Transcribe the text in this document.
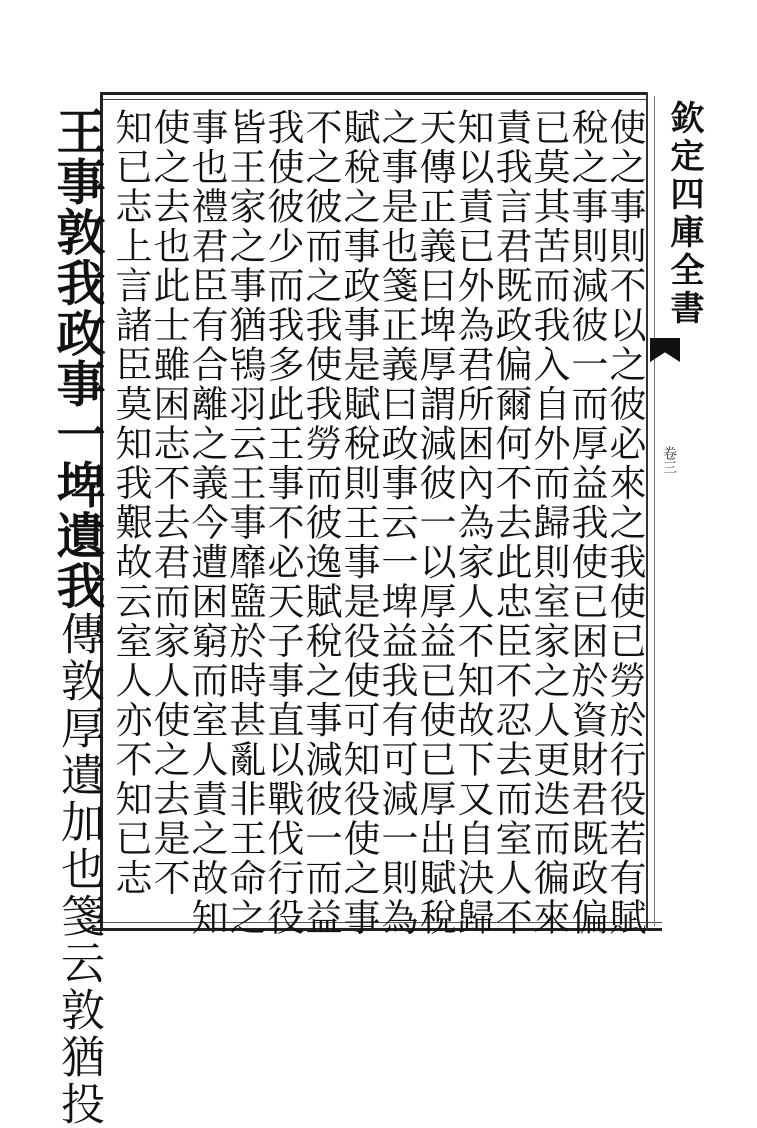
欽定四庫全書
卷三
使之事則不以之彼必來之我使已勞於行役若有賦
稅之事則減彼一而厚益我使已困於資財君既政偏
已莫其苦而我入自外而歸則室家之人更迭而徧來
責我言君既政偏爾何不去此忠臣不忍去而室人不
知以責已外為君所困內為家人不知故下又自決歸
天傳正義曰埤厚謂減彼一以厚益已使已厚出賦稅
之事是也箋正義曰政事云一埤益我有可減一則為
賦稅之事政事是賦稅則王事是役使可知役使之事
不之彼而之我使我勞而彼逸賦稅之事減彼一而益
我使彼少而我多此王事不必天子事直以戰伐行役
皆王家之事猶鴇羽云王事靡盬於時甚亂非王命之
事也禮君臣有合離之義今遭困窮而室人責之故知
使之去也此士雖困志不去君而家人使之去是不
知已志上言諸臣莫知我艱故云室人亦不知已志
王事敦我政事一埤遺我傳敦厚遺加也箋云敦猶投
